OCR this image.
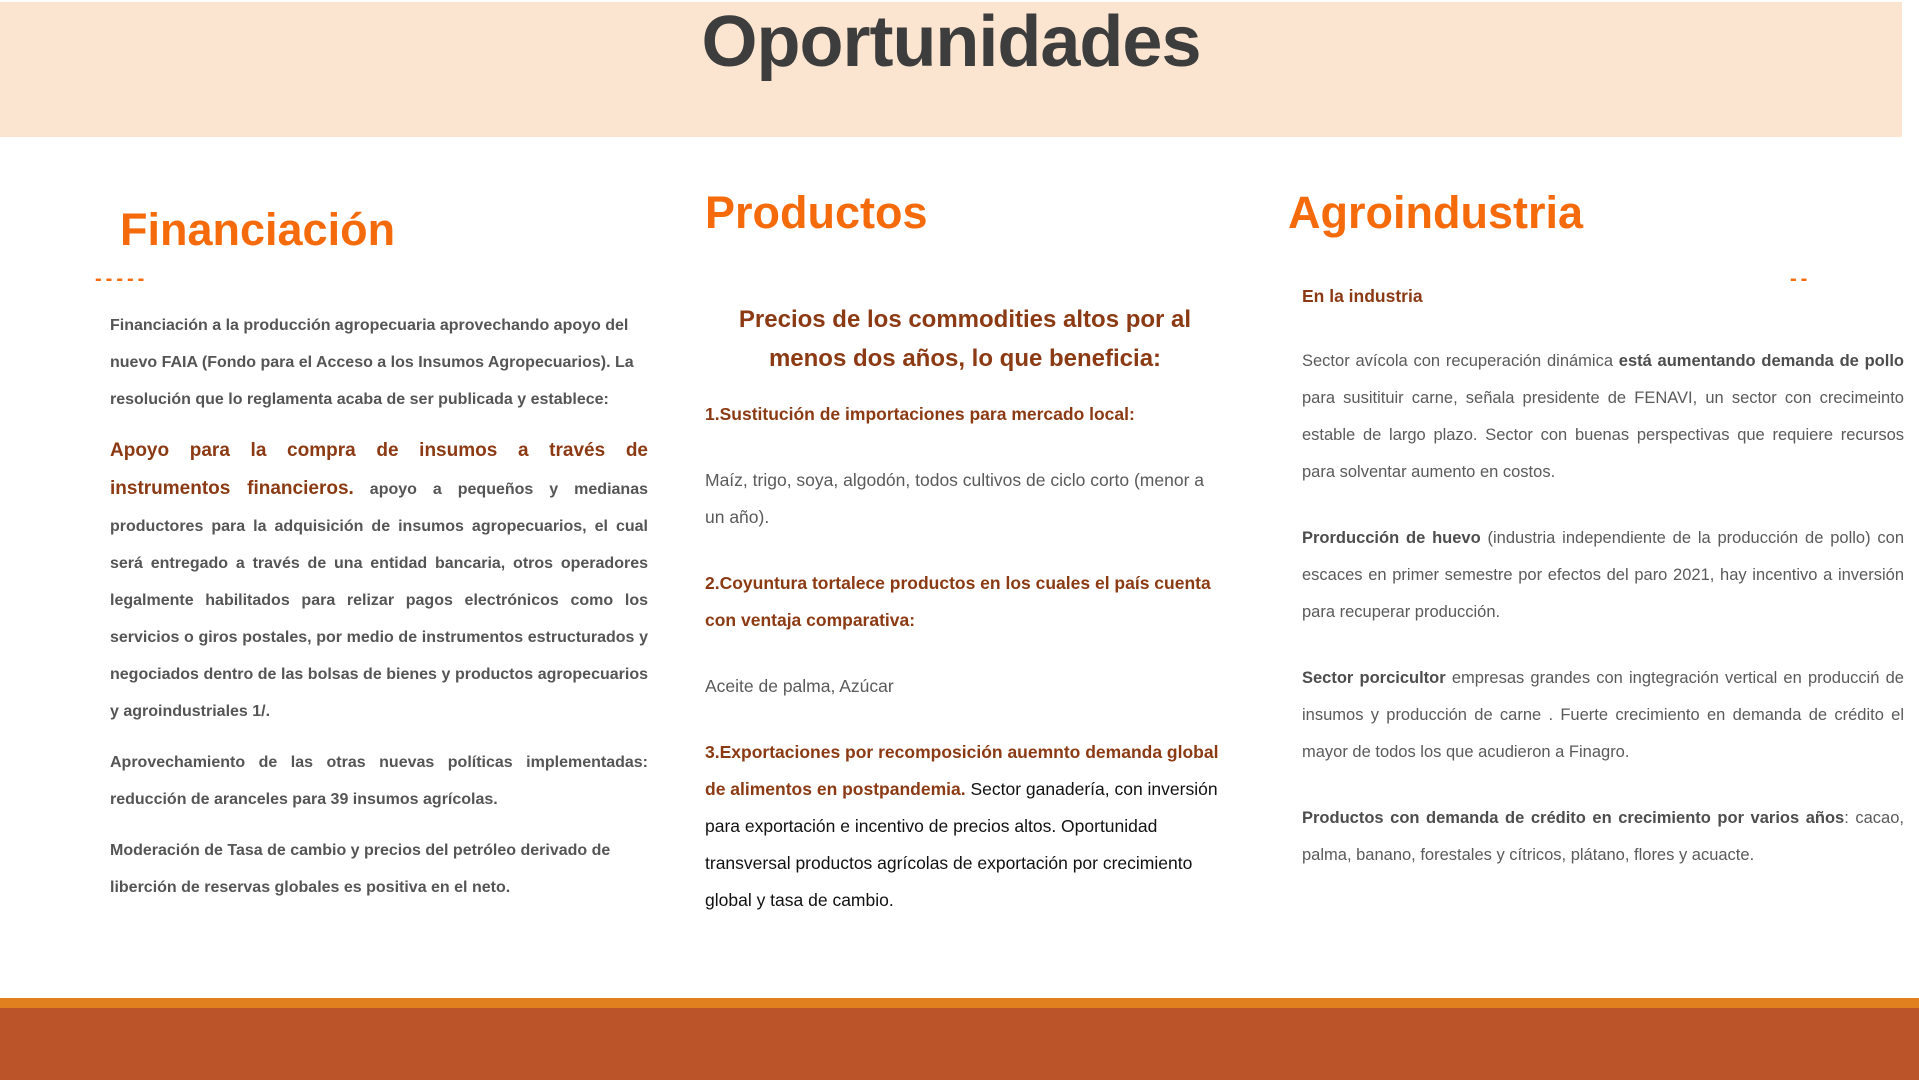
Oportunidades
Financiación
-----

Financiación a la producción agropecuaria aprovechando apoyo del nuevo FAIA (Fondo para el Acceso a los Insumos Agropecuarios). La resolución que lo reglamenta acaba de ser publicada y establece:

Apoyo para la compra de insumos a través de instrumentos financieros. apoyo a pequeños y medianas productores para la adquisición de insumos agropecuarios, el cual será entregado a través de una entidad bancaria, otros operadores legalmente habilitados para relizar pagos electrónicos como los servicios o giros postales, por medio de instrumentos estructurados y negociados dentro de las bolsas de bienes y productos agropecuarios y agroindustriales 1/.

Aprovechamiento de las otras nuevas políticas implementadas: reducción de aranceles para 39 insumos agrícolas.

Moderación de Tasa de cambio y precios del petróleo derivado de liberción de reservas globales es positiva en el neto.

Productos

Precios de los commodities altos por al menos dos años, lo que beneficia:

1.Sustitución de importaciones para mercado local:

Maíz, trigo, soya, algodón, todos cultivos de ciclo corto (menor a un año).

2.Coyuntura tortalece productos en los cuales el país cuenta con ventaja comparativa:

Aceite de palma, Azúcar

3.Exportaciones por recomposición auemnto demanda global de alimentos en postpandemia. Sector ganadería, con inversión para exportación e incentivo de precios altos. Oportunidad transversal productos agrícolas de exportación por crecimiento global y tasa de cambio.

Agroindustria
--

En la industria

Sector avícola con recuperación dinámica está aumentando demanda de pollo para susitituir carne, señala presidente de FENAVI, un sector con crecimeinto estable de largo plazo. Sector con buenas perspectivas que requiere recursos para solventar aumento en costos.

Prorducción de huevo (industria independiente de la producción de pollo) con escaces en primer semestre por efectos del paro 2021, hay incentivo a inversión para recuperar producción.

Sector porcicultor empresas grandes con ingtegración vertical en producciń de insumos y producción de carne . Fuerte crecimiento en demanda de crédito el mayor de todos los que acudieron a Finagro.

Productos con demanda de crédito en crecimiento por varios años: cacao, palma, banano, forestales y cítricos, plátano, flores y acuacte.
